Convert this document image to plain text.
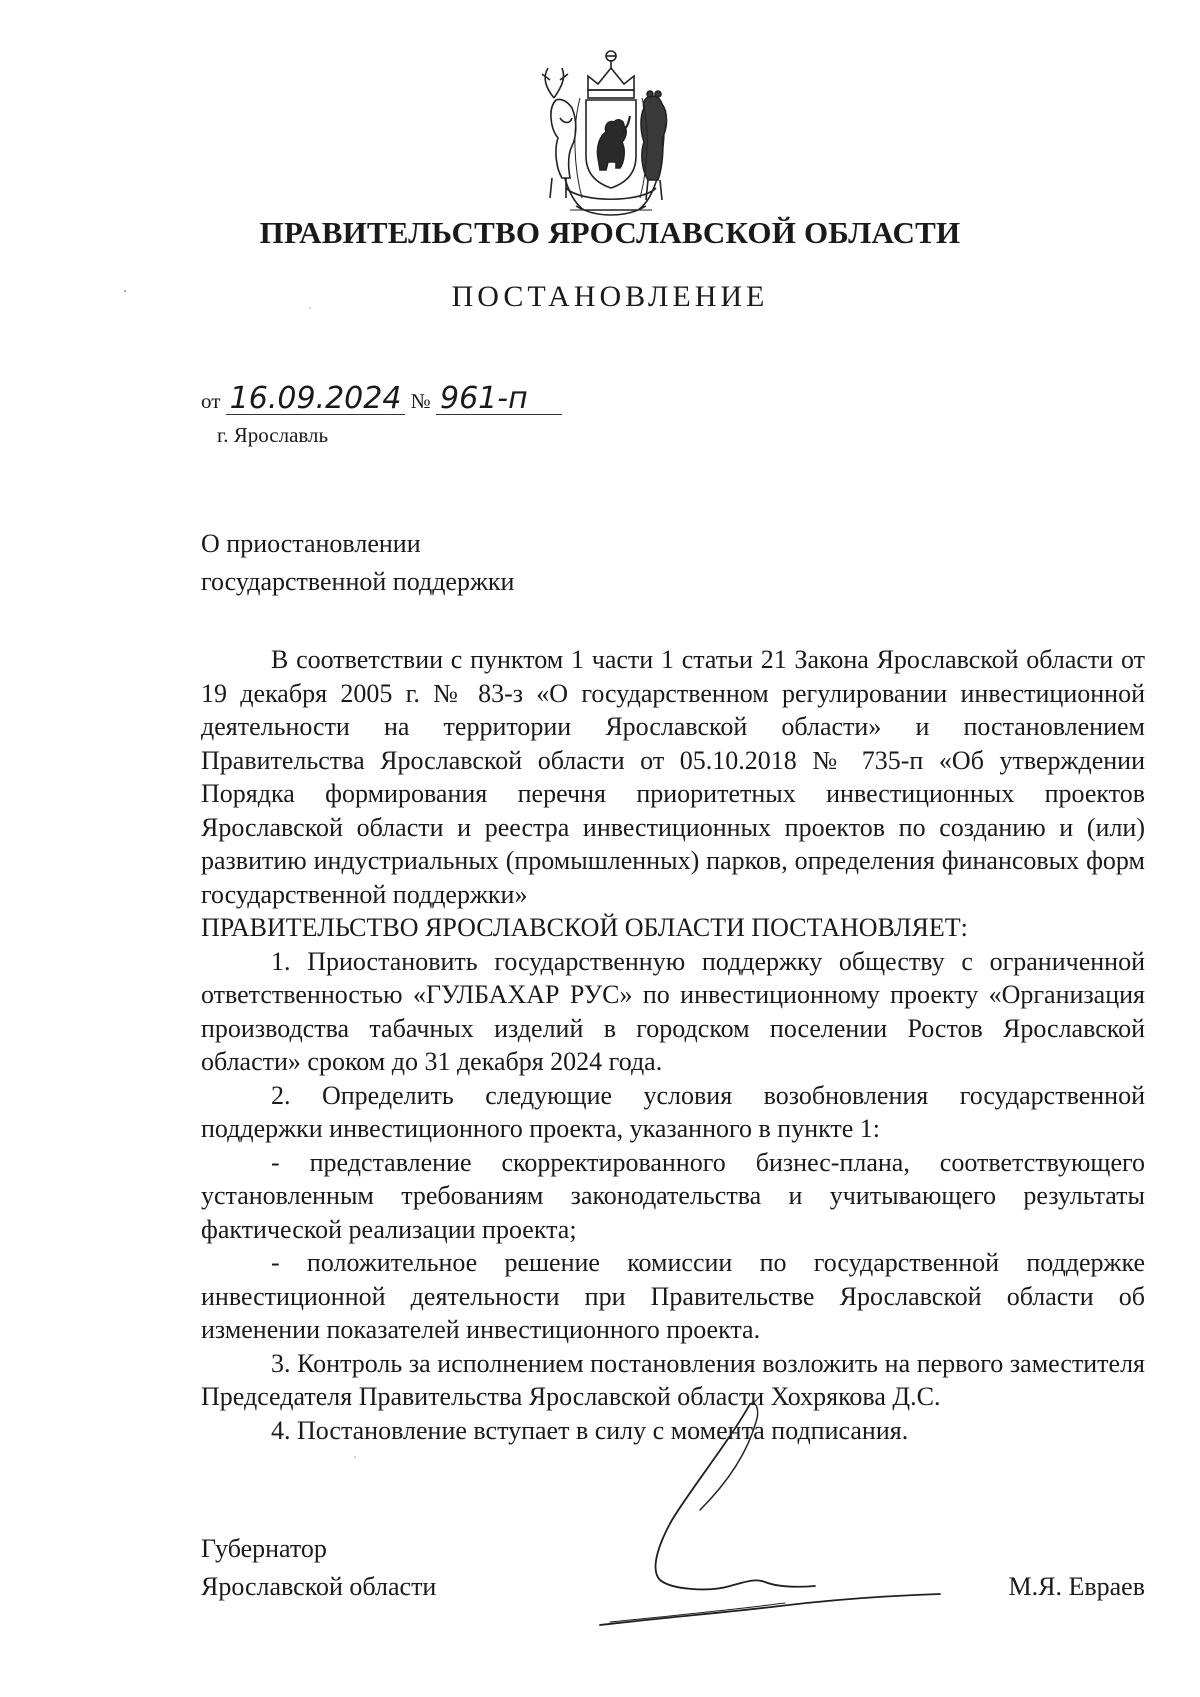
ПРАВИТЕЛЬСТВО ЯРОСЛАВСКОЙ ОБЛАСТИ
ПОСТАНОВЛЕНИЕ
от 16.09.2024 № 961-п
г. Ярославль
О приостановлении
государственной поддержки

В соответствии с пунктом 1 части 1 статьи 21 Закона Ярославской области от 19 декабря 2005 г. № 83-з «О государственном регулировании инвестиционной деятельности на территории Ярославской области» и постановлением Правительства Ярославской области от 05.10.2018 № 735-п «Об утверждении Порядка формирования перечня приоритетных инвестиционных проектов Ярославской области и реестра инвестиционных проектов по созданию и (или) развитию индустриальных (промышленных) парков, определения финансовых форм государственной поддержки»

ПРАВИТЕЛЬСТВО ЯРОСЛАВСКОЙ ОБЛАСТИ ПОСТАНОВЛЯЕТ:

1. Приостановить государственную поддержку обществу с ограниченной ответственностью «ГУЛБАХАР РУС» по инвестиционному проекту «Организация производства табачных изделий в городском поселении Ростов Ярославской области» сроком до 31 декабря 2024 года.

2. Определить следующие условия возобновления государственной поддержки инвестиционного проекта, указанного в пункте 1:

- представление скорректированного бизнес-плана, соответствующего установленным требованиям законодательства и учитывающего результаты фактической реализации проекта;

- положительное решение комиссии по государственной поддержке инвестиционной деятельности при Правительстве Ярославской области об изменении показателей инвестиционного проекта.

3. Контроль за исполнением постановления возложить на первого заместителя Председателя Правительства Ярославской области Хохрякова Д.С.

4. Постановление вступает в силу с момента подписания.

Губернатор
Ярославской области	М.Я. Евраев
